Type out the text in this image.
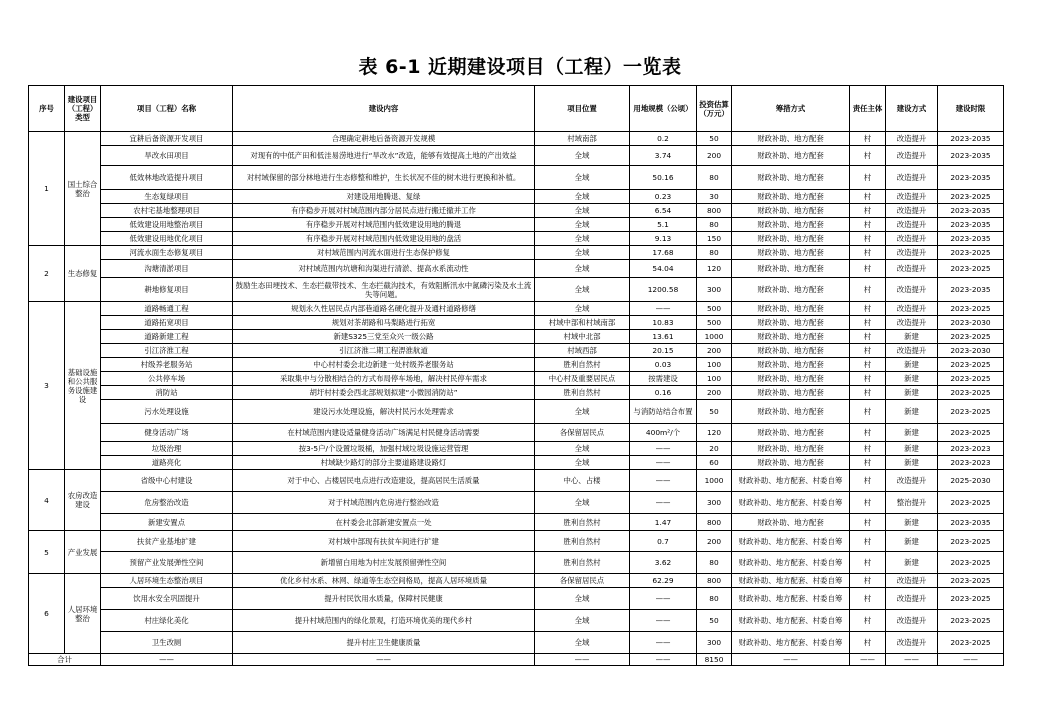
表 6-1 近期建设项目（工程）一览表
序号	建设项目（工程）类型	项目（工程）名称	建设内容	项目位置	用地规模（公顷）	投资估算（万元）	筹措方式	责任主体	建设方式	建设时限
1	国土综合整治	宜耕后备资源开发项目	合理确定耕地后备资源开发规模	村域南部	0.2	50	财政补助、地方配套	村	改造提升	2023-2035
		旱改水田项目	对现有的中低产田和低洼易涝地进行“旱改水”改造，能够有效提高土地的产出效益	全域	3.74	200	财政补助、地方配套	村	改造提升	2023-2035
		低效林地改造提升项目	对村域保留的部分林地进行生态修整和维护，生长状况不佳的树木进行更换和补植。	全域	50.16	80	财政补助、地方配套	村	改造提升	2023-2035
		生态复绿项目	对建设用地腾退、复绿	全域	0.23	30	财政补助、地方配套	村	改造提升	2023-2025
		农村宅基地整理项目	有序稳步开展对村域范围内部分居民点进行搬迁撤并工作	全域	6.54	800	财政补助、地方配套	村	改造提升	2023-2035
		低效建设用地整治项目	有序稳步开展对村域范围内低效建设用地的腾退	全域	5.1	80	财政补助、地方配套	村	改造提升	2023-2035
		低效建设用地优化项目	有序稳步开展对村域范围内低效建设用地的盘活	全域	9.13	150	财政补助、地方配套	村	改造提升	2023-2035
2	生态修复	河流水面生态修复项目	对村域范围内河流水面进行生态保护修复	全域	17.68	80	财政补助、地方配套	村	改造提升	2023-2025
		沟塘清淤项目	对村域范围内坑塘和沟渠进行清淤、提高水系流动性	全域	54.04	120	财政补助、地方配套	村	改造提升	2023-2025
		耕地修复项目	鼓励生态田埂技术、生态拦截带技术、生态拦截沟技术，有效阻断汛水中氮磷污染及水土流失等问题。	全域	1200.58	300	财政补助、地方配套	村	改造提升	2023-2035
3	基础设施和公共服务设施建设	道路畅通工程	规划永久性居民点内部巷道路名硬化提升及通村道路修缮	全域	——	500	财政补助、地方配套	村	改造提升	2023-2025
		道路拓宽项目	规划对茶胡路和马梨路进行拓宽	村域中部和村域南部	10.83	500	财政补助、地方配套	村	改造提升	2023-2030
		道路新建工程	新建S325三党至众兴一级公路	村域中北部	13.61	1000	财政补助、地方配套	村	新建	2023-2025
		引江济淮工程	引江济淮二期工程淠淮航道	村域西部	20.15	200	财政补助、地方配套	村	改造提升	2023-2030
		村级养老服务站	中心村村委会北边新建一处村级养老服务站	胜利自然村	0.03	100	财政补助、地方配套	村	新建	2023-2025
		公共停车场	采取集中与分散相结合的方式布局停车场地，解决村民停车需求	中心村及重要居民点	按需建设	100	财政补助、地方配套	村	新建	2023-2025
		消防站	胡圩村村委会西北部规划拟建“小微园消防站”	胜利自然村	0.16	200	财政补助、地方配套	村	新建	2023-2025
		污水处理设施	建设污水处理设施，解决村民污水处理需求	全域	与消防站结合布置	50	财政补助、地方配套	村	新建	2023-2025
		健身活动广场	在村域范围内建设适量健身活动广场满足村民健身活动需要	各保留居民点	400m²/个	120	财政补助、地方配套	村	新建	2023-2025
		垃圾治理	按3-5户/个设置垃圾桶，加强村域垃圾设施运营管理	全域	——	20	财政补助、地方配套	村	新建	2023-2023
		道路亮化	村域缺少路灯的部分主要道路建设路灯	全域	——	60	财政补助、地方配套	村	新建	2023-2023
4	农房改造建设	省级中心村建设	对于中心、占楼居民电点进行改造建设，提高居民生活质量	中心、占楼	——	1000	财政补助、地方配套、村委自筹	村	改造提升	2025-2030
		危房整治改造	对于村域范围内危房进行整治改造	全域	——	300	财政补助、地方配套、村委自筹	村	整治提升	2023-2025
		新建安置点	在村委会北部新建安置点一处	胜利自然村	1.47	800	财政补助、地方配套	村	新建	2023-2035
5	产业发展	扶贫产业基地扩建	对村域中部现有扶贫车间进行扩建	胜利自然村	0.7	200	财政补助、地方配套、村委自筹	村	新建	2023-2025
		预留产业发展弹性空间	新增留白用地为村庄发展预留弹性空间	胜利自然村	3.62	80	财政补助、地方配套、村委自筹	村	新建	2023-2025
6	人居环境整治	人居环境生态整治项目	优化乡村水系、林网、绿道等生态空间格局，提高人居环境质量	各保留居民点	62.29	800	财政补助、地方配套、村委自筹	村	改造提升	2023-2025
		饮用水安全巩固提升	提升村民饮用水质量，保障村民健康	全域	——	80	财政补助、地方配套、村委自筹	村	改造提升	2023-2025
		村庄绿化美化	提升村域范围内的绿化景观，打造环境优美的现代乡村	全域	——	50	财政补助、地方配套、村委自筹	村	改造提升	2023-2025
		卫生改厕	提升村庄卫生健康质量	全域	——	300	财政补助、地方配套、村委自筹	村	改造提升	2023-2025
合计		——	——	——	——	8150	——	——	——	——
